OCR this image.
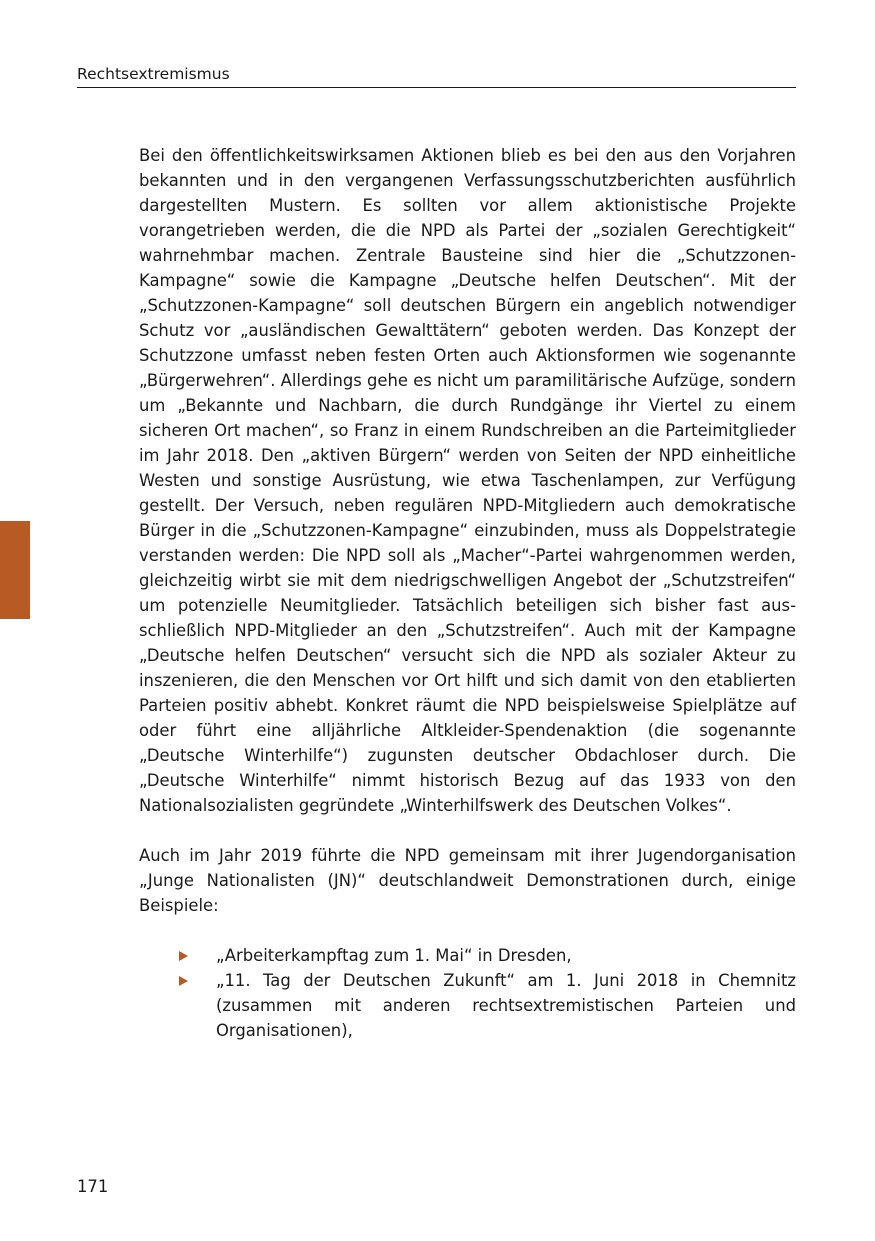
Rechtsextremismus

Bei den öffentlichkeitswirksamen Aktionen blieb es bei den aus den Vorjahren bekannten und in den vergangenen Verfassungsschutzberichten ausführlich dargestellten Mustern. Es sollten vor allem aktionistische Projekte vorangetrieben werden, die die NPD als Partei der „sozialen Gerechtigkeit“ wahrnehmbar machen. Zentrale Bausteine sind hier die „Schutzzonen-Kampagne“ sowie die Kampagne „Deutsche helfen Deutschen“. Mit der „Schutzzonen-Kampagne“ soll deutschen Bürgern ein angeblich notwendiger Schutz vor „ausländischen Gewalttätern“ geboten werden. Das Konzept der Schutzzone umfasst neben festen Orten auch Aktionsformen wie sogenannte „Bürgerwehren“. Allerdings gehe es nicht um paramilitärische Aufzüge, sondern um „Bekannte und Nachbarn, die durch Rundgänge ihr Viertel zu einem sicheren Ort machen“, so Franz in einem Rundschreiben an die Parteimitglieder im Jahr 2018. Den „aktiven Bürgern“ werden von Seiten der NPD einheitliche Westen und sonstige Ausrüstung, wie etwa Taschenlampen, zur Verfügung gestellt. Der Versuch, neben regulären NPD-Mitgliedern auch demokratische Bürger in die „Schutzzonen-Kampagne“ einzubinden, muss als Doppelstrategie verstanden werden: Die NPD soll als „Macher“-Partei wahrgenommen werden, gleichzeitig wirbt sie mit dem niedrigschwelligen Angebot der „Schutzstreifen“ um potenzielle Neumitglieder. Tatsächlich beteiligen sich bisher fast ausschließlich NPD-Mitglieder an den „Schutzstreifen“. Auch mit der Kampagne „Deutsche helfen Deutschen“ versucht sich die NPD als sozialer Akteur zu inszenieren, die den Menschen vor Ort hilft und sich damit von den etablierten Parteien positiv abhebt. Konkret räumt die NPD beispielsweise Spielplätze auf oder führt eine alljährliche Altkleider-Spendenaktion (die sogenannte „Deutsche Winterhilfe“) zugunsten deutscher Obdachloser durch. Die „Deutsche Winterhilfe“ nimmt historisch Bezug auf das 1933 von den Nationalsozialisten gegründete „Winterhilfswerk des Deutschen Volkes“.

Auch im Jahr 2019 führte die NPD gemeinsam mit ihrer Jugendorganisation „Junge Nationalisten (JN)“ deutschlandweit Demonstrationen durch, einige Beispiele:

„Arbeiterkampftag zum 1. Mai“ in Dresden,
„11. Tag der Deutschen Zukunft“ am 1. Juni 2018 in Chemnitz (zusammen mit anderen rechtsextremistischen Parteien und Organisationen),
171
